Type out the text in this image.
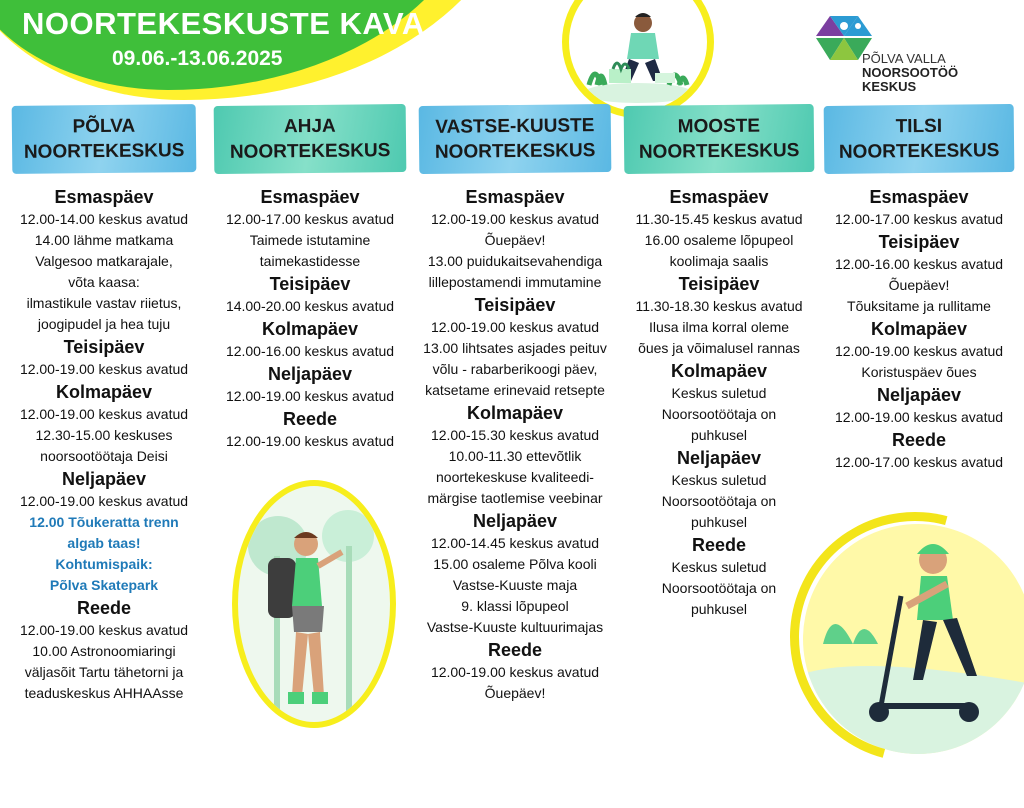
NOORTEKESKUSTE KAVA

09.06.-13.06.2025	PÕLVA VALLA
NOORSOOTÖÖ
KESKUS
PÕLVA
NOORTEKESKUS
Esmaspäev
12.00-14.00 keskus avatud
14.00 lähme matkama
Valgesoo matkarajale,
võta kaasa:
ilmastikule vastav riietus,
joogipudel ja hea tuju
Teisipäev
12.00-19.00 keskus avatud
Kolmapäev
12.00-19.00 keskus avatud
12.30-15.00 keskuses
noorsootöötaja Deisi
Neljapäev
12.00-19.00 keskus avatud
12.00 Tõukeratta trenn
algab taas!
Kohtumispaik:
Põlva Skatepark
Reede
12.00-19.00 keskus avatud
10.00 Astronoomiaringi
väljasõit Tartu tähetorni ja
teaduskeskus AHHAAsse
AHJA
NOORTEKESKUS
Esmaspäev
12.00-17.00 keskus avatud
Taimede istutamine
taimekastidesse
Teisipäev
14.00-20.00 keskus avatud
Kolmapäev
12.00-16.00 keskus avatud
Neljapäev
12.00-19.00 keskus avatud
Reede
12.00-19.00 keskus avatud
VASTSE-KUUSTE
NOORTEKESKUS
Esmaspäev
12.00-19.00 keskus avatud
Õuepäev!
13.00 puidukaitsevahendiga
lillepostamendi immutamine
Teisipäev
12.00-19.00 keskus avatud
13.00 lihtsates asjades peituv
võlu - rabarberikoogi päev,
katsetame erinevaid retsepte
Kolmapäev
12.00-15.30 keskus avatud
10.00-11.30 ettevõtlik
noortekeskuse kvaliteedi-
märgise taotlemise veebinar
Neljapäev
12.00-14.45 keskus avatud
15.00 osaleme Põlva kooli
Vastse-Kuuste maja
9. klassi lõpupeol
Vastse-Kuuste kultuurimajas
Reede
12.00-19.00 keskus avatud
Õuepäev!
MOOSTE
NOORTEKESKUS
Esmaspäev
11.30-15.45 keskus avatud
16.00 osaleme lõpupeol
koolimaja saalis
Teisipäev
11.30-18.30 keskus avatud
Ilusa ilma korral oleme
õues ja võimalusel rannas
Kolmapäev
Keskus suletud
Noorsootöötaja on
puhkusel
Neljapäev
Keskus suletud
Noorsootöötaja on
puhkusel
Reede
Keskus suletud
Noorsootöötaja on
puhkusel
TILSI
NOORTEKESKUS
Esmaspäev
12.00-17.00 keskus avatud
Teisipäev
12.00-16.00 keskus avatud
Õuepäev!
Tõuksitame ja rullitame
Kolmapäev
12.00-19.00 keskus avatud
Koristuspäev õues
Neljapäev
12.00-19.00 keskus avatud
Reede
12.00-17.00 keskus avatud
